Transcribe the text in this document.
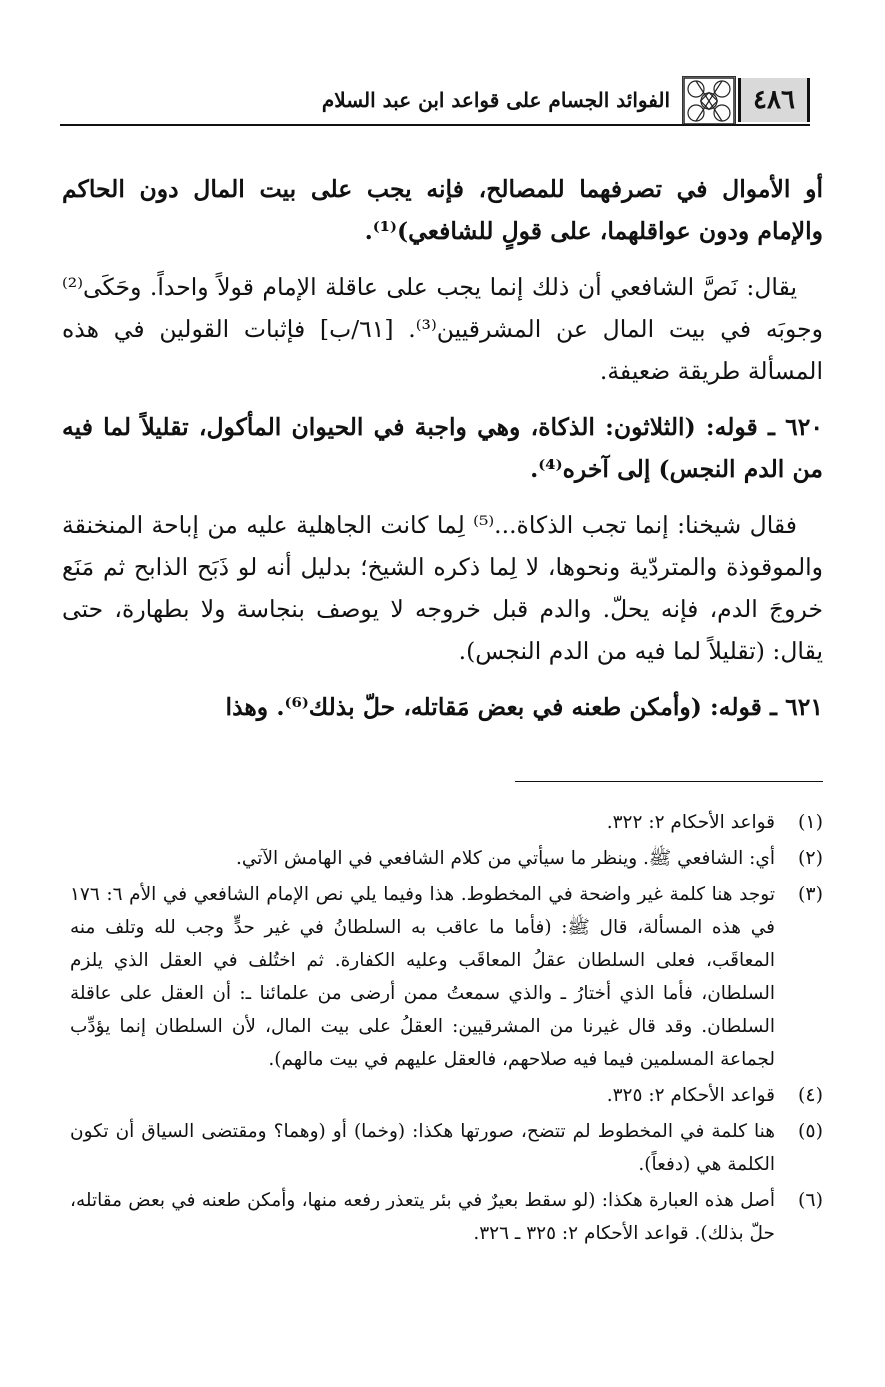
٤٨٦
الفوائد الجسام على قواعد ابن عبد السلام

أو الأموال في تصرفهما للمصالح، فإنه يجب على بيت المال دون الحاكم والإمام ودون عواقلهما، على قولٍ للشافعي)⁽¹⁾.

يقال: نَصَّ الشافعي أن ذلك إنما يجب على عاقلة الإمام قولاً واحداً. وحَكَى⁽²⁾ وجوبَه في بيت المال عن المشرقيين⁽³⁾. [٦١/ب] فإثبات القولين في هذه المسألة طريقة ضعيفة.

٦٢٠ ـ قوله: (الثلاثون: الذكاة، وهي واجبة في الحيوان المأكول، تقليلاً لما فيه من الدم النجس) إلى آخره⁽⁴⁾.

فقال شيخنا: إنما تجب الذكاة...⁽⁵⁾ لِما كانت الجاهلية عليه من إباحة المنخنقة والموقوذة والمتردّية ونحوها، لا لِما ذكره الشيخ؛ بدليل أنه لو ذَبَح الذابح ثم مَنَع خروجَ الدم، فإنه يحلّ. والدم قبل خروجه لا يوصف بنجاسة ولا بطهارة، حتى يقال: (تقليلاً لما فيه من الدم النجس).

٦٢١ ـ قوله: (وأمكن طعنه في بعض مَقاتله، حلّ بذلك⁽⁶⁾. وهذا

(١)
قواعد الأحكام ٢: ٣٢٢.
(٢)
أي: الشافعي ﷺ. وينظر ما سيأتي من كلام الشافعي في الهامش الآتي.
(٣)
توجد هنا كلمة غير واضحة في المخطوط. هذا وفيما يلي نص الإمام الشافعي في الأم ٦: ١٧٦ في هذه المسألة، قال ﷺ: (فأما ما عاقب به السلطانُ في غير حدٍّ وجب لله وتلف منه المعاقَب، فعلى السلطان عقلُ المعاقَب وعليه الكفارة. ثم اختُلف في العقل الذي يلزم السلطان، فأما الذي أختارُ ـ والذي سمعتُ ممن أرضى من علمائنا ـ: أن العقل على عاقلة السلطان. وقد قال غيرنا من المشرقيين: العقلُ على بيت المال، لأن السلطان إنما يؤدِّب لجماعة المسلمين فيما فيه صلاحهم، فالعقل عليهم في بيت مالهم).
(٤)
قواعد الأحكام ٢: ٣٢٥.
(٥)
هنا كلمة في المخطوط لم تتضح، صورتها هكذا: (وخما) أو (وهما؟ ومقتضى السياق أن تكون الكلمة هي (دفعاً).
(٦)
أصل هذه العبارة هكذا: (لو سقط بعيرٌ في بئر يتعذر رفعه منها، وأمكن طعنه في بعض مقاتله، حلّ بذلك). قواعد الأحكام ٢: ٣٢٥ ـ ٣٢٦.
